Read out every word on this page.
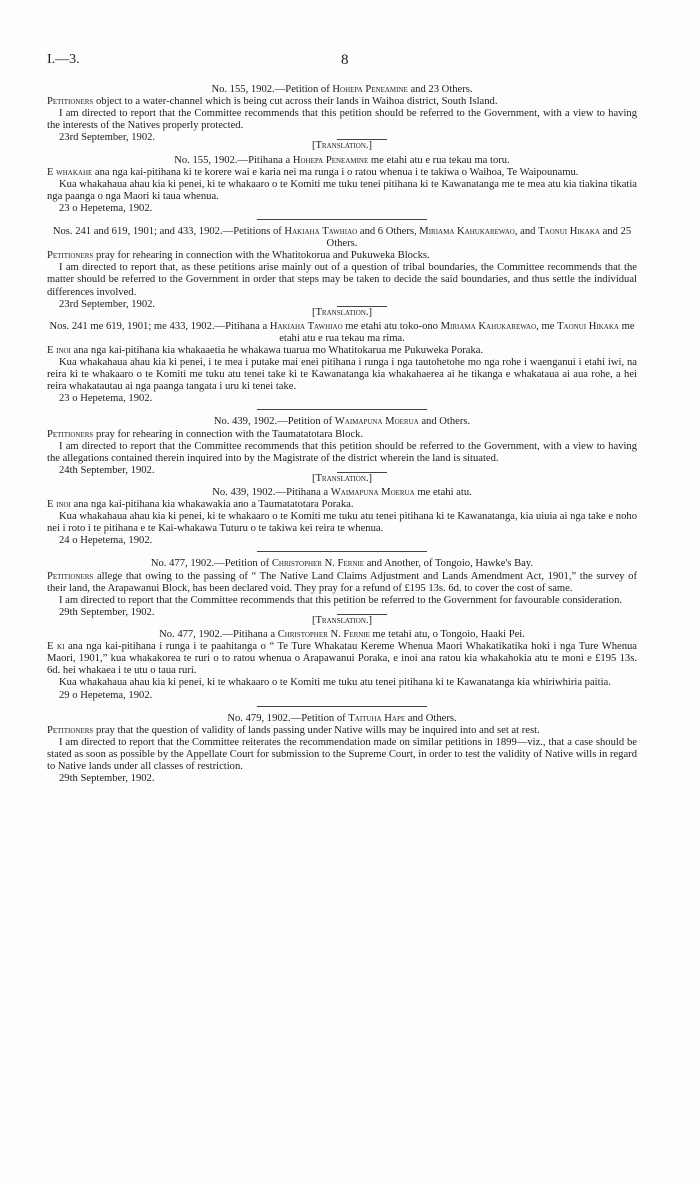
I.—3.	8

No. 155, 1902.—Petition of Hohepa Peneamine and 23 Others.

Petitioners object to a water-channel which is being cut across their lands in Waihoa district, South Island.

I am directed to report that the Committee recommends that this petition should be referred to the Government, with a view to having the interests of the Natives properly protected.

23rd September, 1902.

[Translation.]

No. 155, 1902.—Pitihana a Hohepa Peneamine me etahi atu e rua tekau ma toru.

E whakahe ana nga kai-pitihana ki te korere wai e karia nei ma runga i o ratou whenua i te takiwa o Waihoa, Te Waipounamu.

Kua whakahaua ahau kia ki penei, ki te whakaaro o te Komiti me tuku tenei pitihana ki te Kawanatanga me te mea atu kia tiakina tikatia nga paanga o nga Maori ki taua whenua.

23 o Hepetema, 1902.

Nos. 241 and 619, 1901; and 433, 1902.—Petitions of Hakiaha Tawhiao and 6 Others, Miriama Kahukarewao, and Taonui Hikaka and 25 Others.

Petitioners pray for rehearing in connection with the Whatitokorua and Pukuweka Blocks.

I am directed to report that, as these petitions arise mainly out of a question of tribal boundaries, the Committee recommends that the matter should be referred to the Government in order that steps may be taken to decide the said boundaries, and thus settle the individual differences involved.

23rd September, 1902.

[Translation.]

Nos. 241 me 619, 1901; me 433, 1902.—Pitihana a Hakiaha Tawhiao me etahi atu toko-ono Miriama Kahukarewao, me Taonui Hikaka me etahi atu e rua tekau ma rima.

E inoi ana nga kai-pitihana kia whakaaetia he whakawa tuarua mo Whatitokarua me Pukuweka Poraka.

Kua whakahaua ahau kia ki penei, i te mea i putake mai enei pitihana i runga i nga tautohetohe mo nga rohe i waenganui i etahi iwi, na reira ki te whakaaro o te Komiti me tuku atu tenei take ki te Kawanatanga kia whakahaerea ai he tikanga e whakataua ai aua rohe, a hei reira whakatautau ai nga paanga tangata i uru ki tenei take.

23 o Hepetema, 1902.

No. 439, 1902.—Petition of Waimapuna Moerua and Others.

Petitioners pray for rehearing in connection with the Taumatatotara Block.

I am directed to report that the Committee recommends that this petition should be referred to the Government, with a view to having the allegations contained therein inquired into by the Magistrate of the district wherein the land is situated.

24th September, 1902.

[Translation.]

No. 439, 1902.—Pitihana a Waimapuna Moerua me etahi atu.

E inoi ana nga kai-pitihana kia whakawakia ano a Taumatatotara Poraka.

Kua whakahaua ahau kia ki penei, ki te whakaaro o te Komiti me tuku atu tenei pitihana ki te Kawanatanga, kia uiuia ai nga take e noho nei i roto i te pitihana e te Kai-whakawa Tuturu o te takiwa kei reira te whenua.

24 o Hepetema, 1902.

No. 477, 1902.—Petition of Christopher N. Fernie and Another, of Tongoio, Hawke's Bay.

Petitioners allege that owing to the passing of “ The Native Land Claims Adjustment and Lands Amendment Act, 1901,” the survey of their land, the Arapawanui Block, has been declared void. They pray for a refund of £195 13s. 6d. to cover the cost of same.

I am directed to report that the Committee recommends that this petition be referred to the Government for favourable consideration.

29th September, 1902.

[Translation.]

No. 477, 1902.—Pitihana a Christopher N. Fernie me tetahi atu, o Tongoio, Haaki Pei.

E ki ana nga kai-pitihana i runga i te paahitanga o “ Te Ture Whakatau Kereme Whenua Maori Whakatikatika hoki i nga Ture Whenua Maori, 1901,” kua whakakorea te ruri o to ratou whenua o Arapawanui Poraka, e inoi ana ratou kia whakahokia atu te moni e £195 13s. 6d. hei whakaea i te utu o taua ruri.

Kua whakahaua ahau kia ki penei, ki te whakaaro o te Komiti me tuku atu tenei pitihana ki te Kawanatanga kia whiriwhiria paitia.

29 o Hepetema, 1902.

No. 479, 1902.—Petition of Taituha Hape and Others.

Petitioners pray that the question of validity of lands passing under Native wills may be inquired into and set at rest.

I am directed to report that the Committee reiterates the recommendation made on similar petitions in 1899—viz., that a case should be stated as soon as possible by the Appellate Court for submission to the Supreme Court, in order to test the validity of Native wills in regard to Native lands under all classes of restriction.

29th September, 1902.
